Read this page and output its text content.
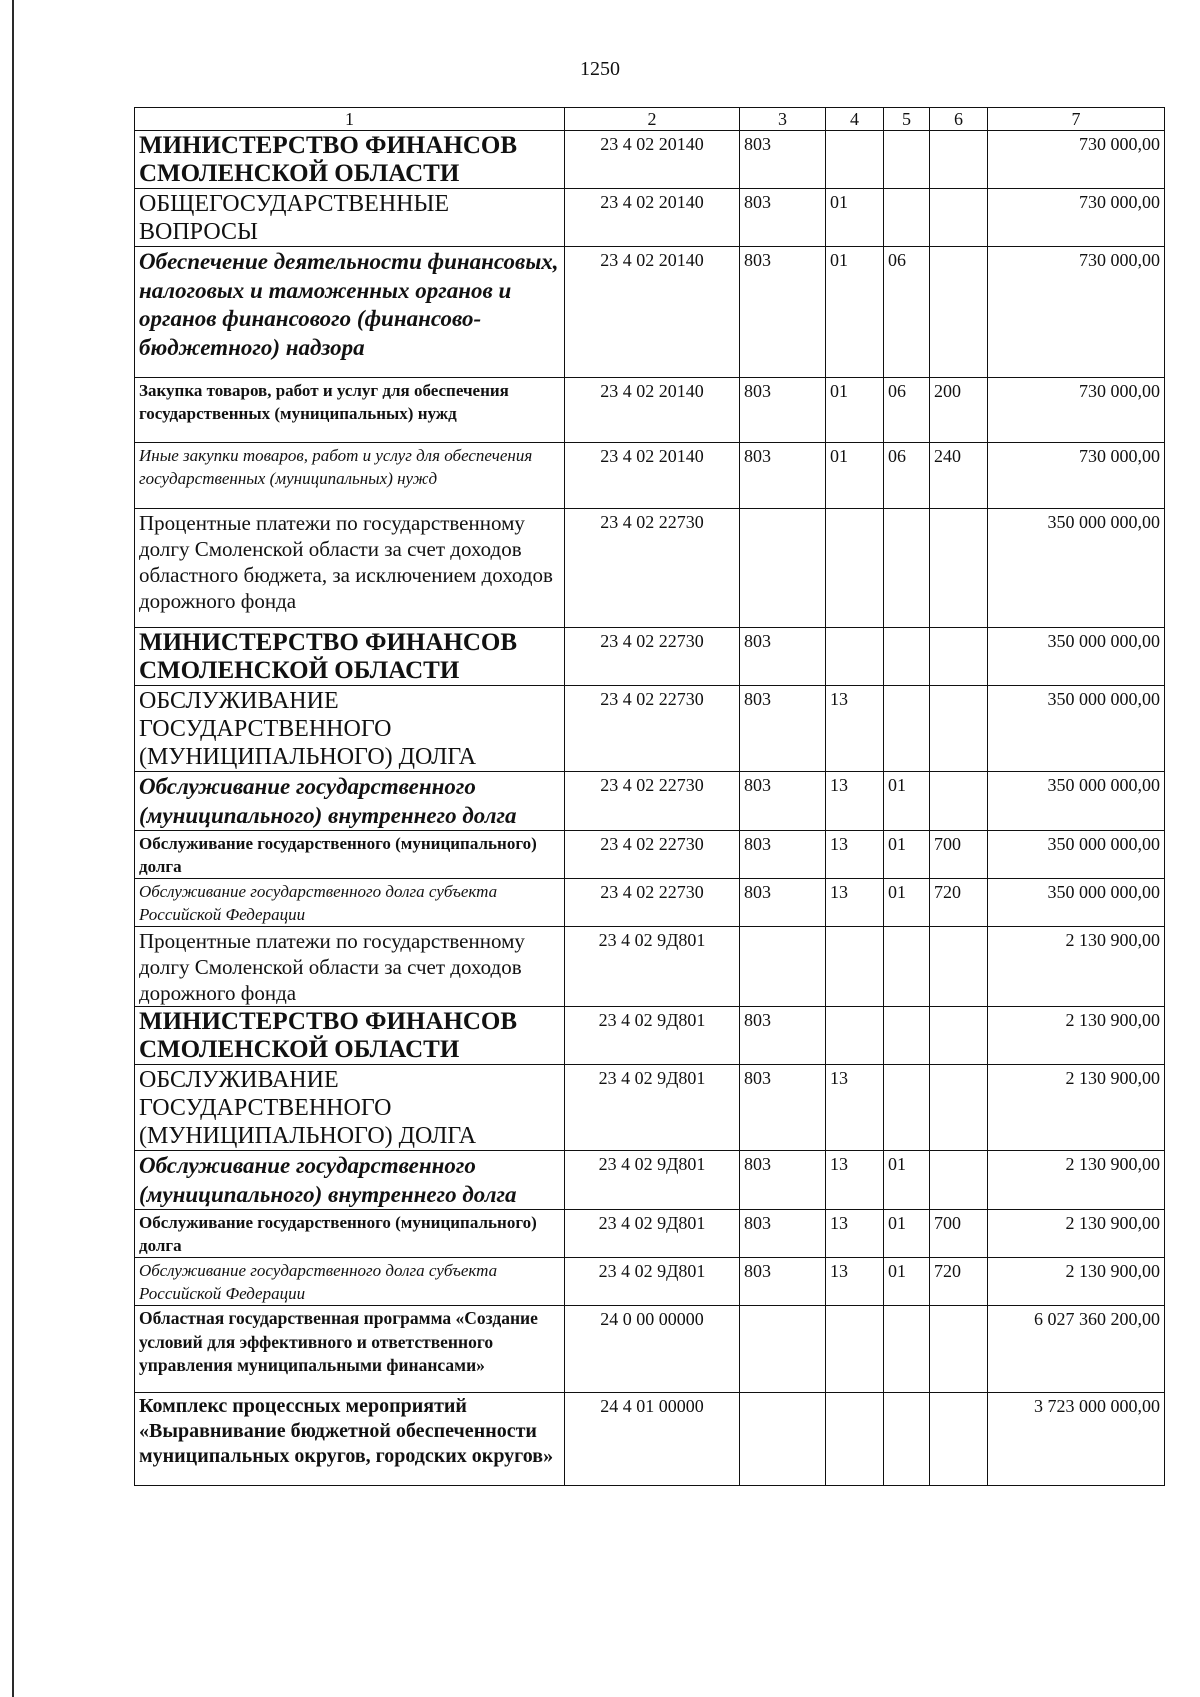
1250
1	2	3	4	5	6	7
МИНИСТЕРСТВО ФИНАНСОВ СМОЛЕНСКОЙ ОБЛАСТИ	23 4 02 20140	803				730 000,00
ОБЩЕГОСУДАРСТВЕННЫЕ ВОПРОСЫ	23 4 02 20140	803	01			730 000,00
Обеспечение деятельности финансовых, налоговых и таможенных органов и органов финансового (финансово-бюджетного) надзора	23 4 02 20140	803	01	06		730 000,00
Закупка товаров, работ и услуг для обеспечения государственных (муниципальных) нужд	23 4 02 20140	803	01	06	200	730 000,00
Иные закупки товаров, работ и услуг для обеспечения государственных (муниципальных) нужд	23 4 02 20140	803	01	06	240	730 000,00
Процентные платежи по государственному долгу Смоленской области за счет доходов областного бюджета, за исключением доходов дорожного фонда	23 4 02 22730					350 000 000,00
МИНИСТЕРСТВО ФИНАНСОВ СМОЛЕНСКОЙ ОБЛАСТИ	23 4 02 22730	803				350 000 000,00
ОБСЛУЖИВАНИЕ ГОСУДАРСТВЕННОГО (МУНИЦИПАЛЬНОГО) ДОЛГА	23 4 02 22730	803	13			350 000 000,00
Обслуживание государственного (муниципального) внутреннего долга	23 4 02 22730	803	13	01		350 000 000,00
Обслуживание государственного (муниципального) долга	23 4 02 22730	803	13	01	700	350 000 000,00
Обслуживание государственного долга субъекта Российской Федерации	23 4 02 22730	803	13	01	720	350 000 000,00
Процентные платежи по государственному долгу Смоленской области за счет доходов дорожного фонда	23 4 02 9Д801					2 130 900,00
МИНИСТЕРСТВО ФИНАНСОВ СМОЛЕНСКОЙ ОБЛАСТИ	23 4 02 9Д801	803				2 130 900,00
ОБСЛУЖИВАНИЕ ГОСУДАРСТВЕННОГО (МУНИЦИПАЛЬНОГО) ДОЛГА	23 4 02 9Д801	803	13			2 130 900,00
Обслуживание государственного (муниципального) внутреннего долга	23 4 02 9Д801	803	13	01		2 130 900,00
Обслуживание государственного (муниципального) долга	23 4 02 9Д801	803	13	01	700	2 130 900,00
Обслуживание государственного долга субъекта Российской Федерации	23 4 02 9Д801	803	13	01	720	2 130 900,00
Областная государственная программа «Создание условий для эффективного и ответственного управления муниципальными финансами»	24 0 00 00000					6 027 360 200,00
Комплекс процессных мероприятий «Выравнивание бюджетной обеспеченности муниципальных округов, городских округов»	24 4 01 00000					3 723 000 000,00
